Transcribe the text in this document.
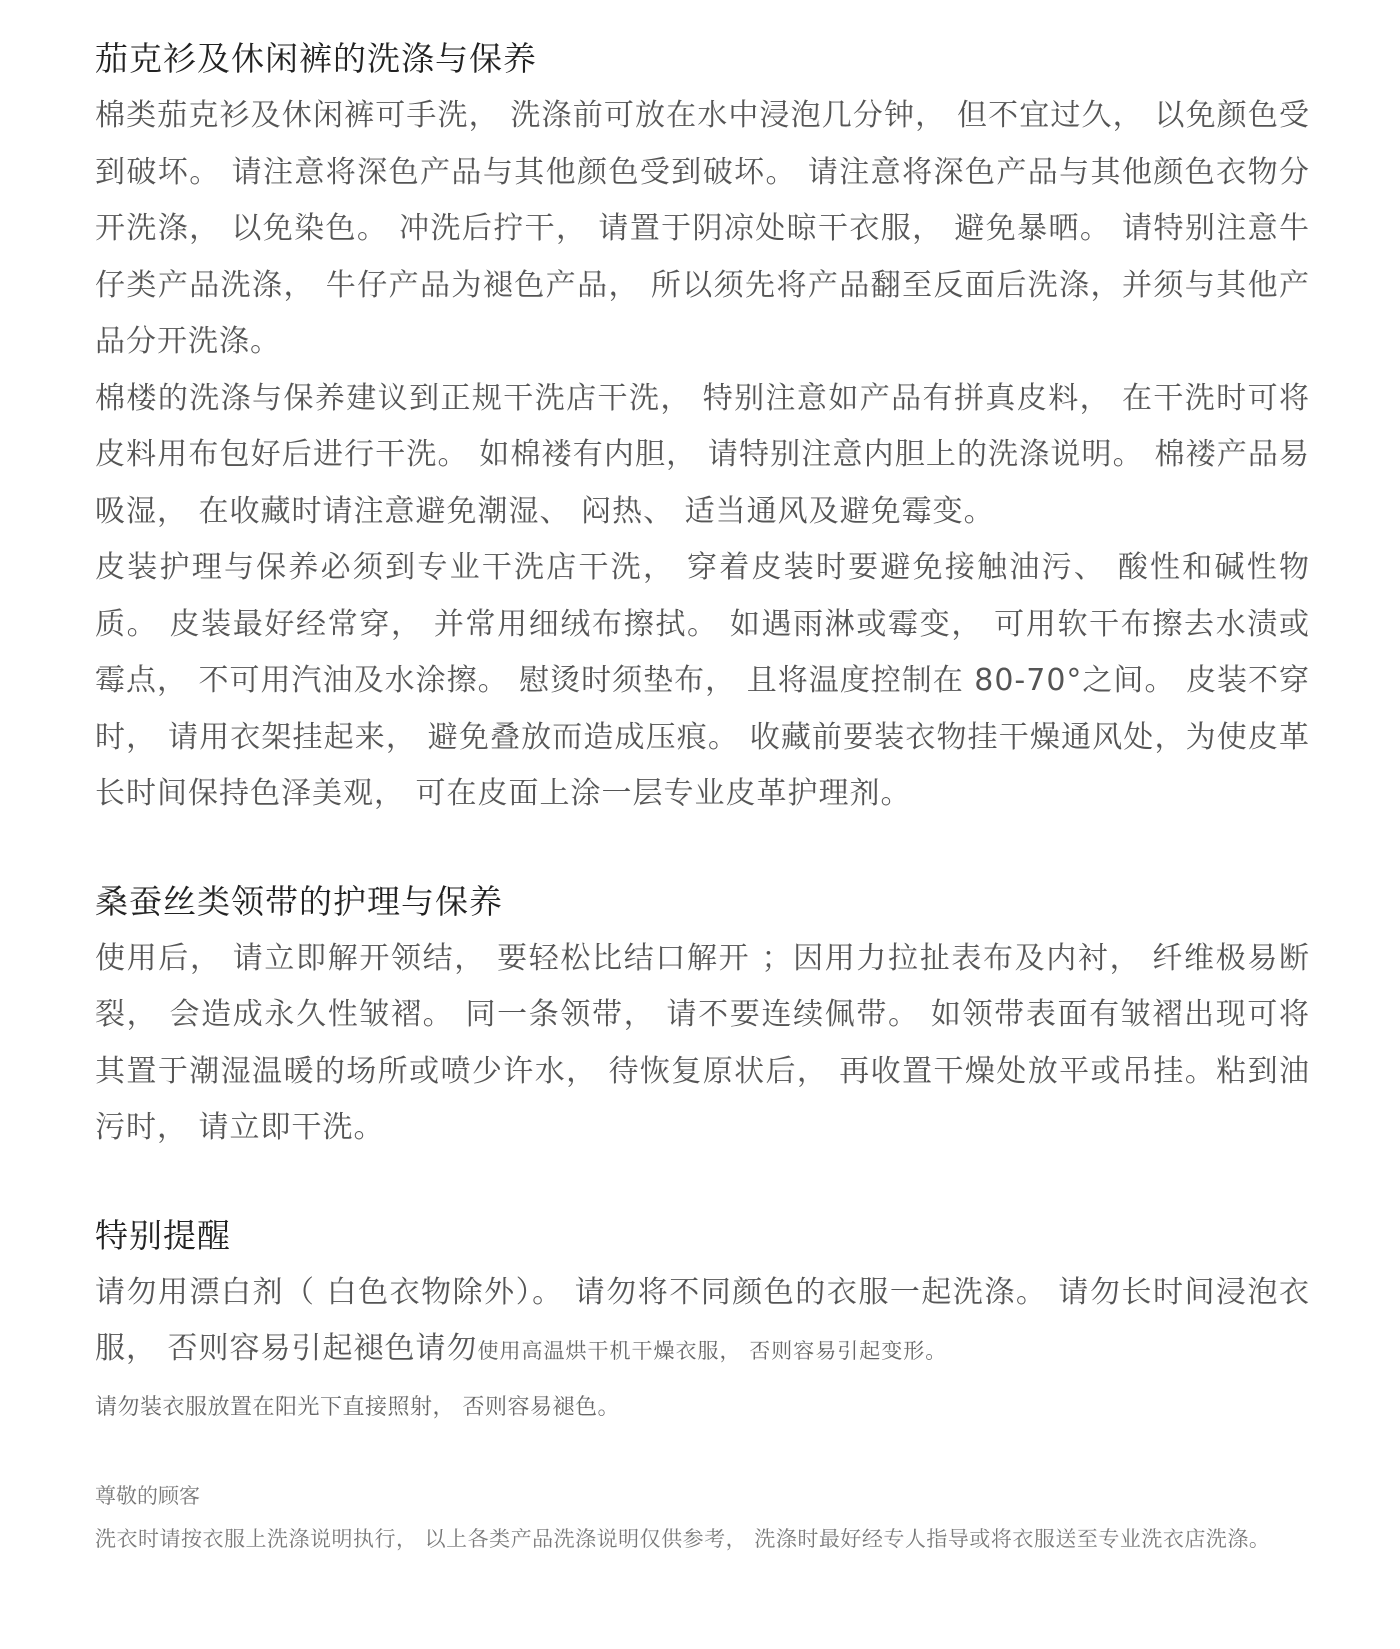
茄克衫及休闲裤的洗涤与保养

棉类茄克衫及休闲裤可手洗， 洗涤前可放在水中浸泡几分钟， 但不宜过久， 以免颜色受到破坏。 请注意将深色产品与其他颜色受到破坏。 请注意将深色产品与其他颜色衣物分开洗涤， 以免染色。 冲洗后拧干， 请置于阴凉处晾干衣服， 避免暴晒。 请特别注意牛仔类产品洗涤， 牛仔产品为褪色产品， 所以须先将产品翻至反面后洗涤，并须与其他产品分开洗涤。

棉楼的洗涤与保养建议到正规干洗店干洗， 特别注意如产品有拼真皮料， 在干洗时可将皮料用布包好后进行干洗。 如棉褛有内胆， 请特别注意内胆上的洗涤说明。 棉褛产品易吸湿， 在收藏时请注意避免潮湿、 闷热、 适当通风及避免霉变。

皮装护理与保养必须到专业干洗店干洗， 穿着皮装时要避免接触油污、 酸性和碱性物质。 皮装最好经常穿， 并常用细绒布擦拭。 如遇雨淋或霉变， 可用软干布擦去水渍或霉点， 不可用汽油及水涂擦。 慰烫时须垫布， 且将温度控制在 80-70°之间。 皮装不穿时， 请用衣架挂起来， 避免叠放而造成压痕。 收藏前要装衣物挂干燥通风处，为使皮革长时间保持色泽美观， 可在皮面上涂一层专业皮革护理剂。

桑蚕丝类领带的护理与保养

使用后， 请立即解开领结， 要轻松比结口解开 ；因用力拉扯表布及内衬， 纤维极易断裂， 会造成永久性皱褶。 同一条领带， 请不要连续佩带。 如领带表面有皱褶出现可将其置于潮湿温暖的场所或喷少许水， 待恢复原状后， 再收置干燥处放平或吊挂。粘到油污时， 请立即干洗。

特别提醒

请勿用漂白剂（ 白色衣物除外）。 请勿将不同颜色的衣服一起洗涤。 请勿长时间浸泡衣服， 否则容易引起褪色请勿使用高温烘干机干燥衣服， 否则容易引起变形。

请勿装衣服放置在阳光下直接照射， 否则容易褪色。

尊敬的顾客

洗衣时请按衣服上洗涤说明执行， 以上各类产品洗涤说明仅供参考， 洗涤时最好经专人指导或将衣服送至专业洗衣店洗涤。
